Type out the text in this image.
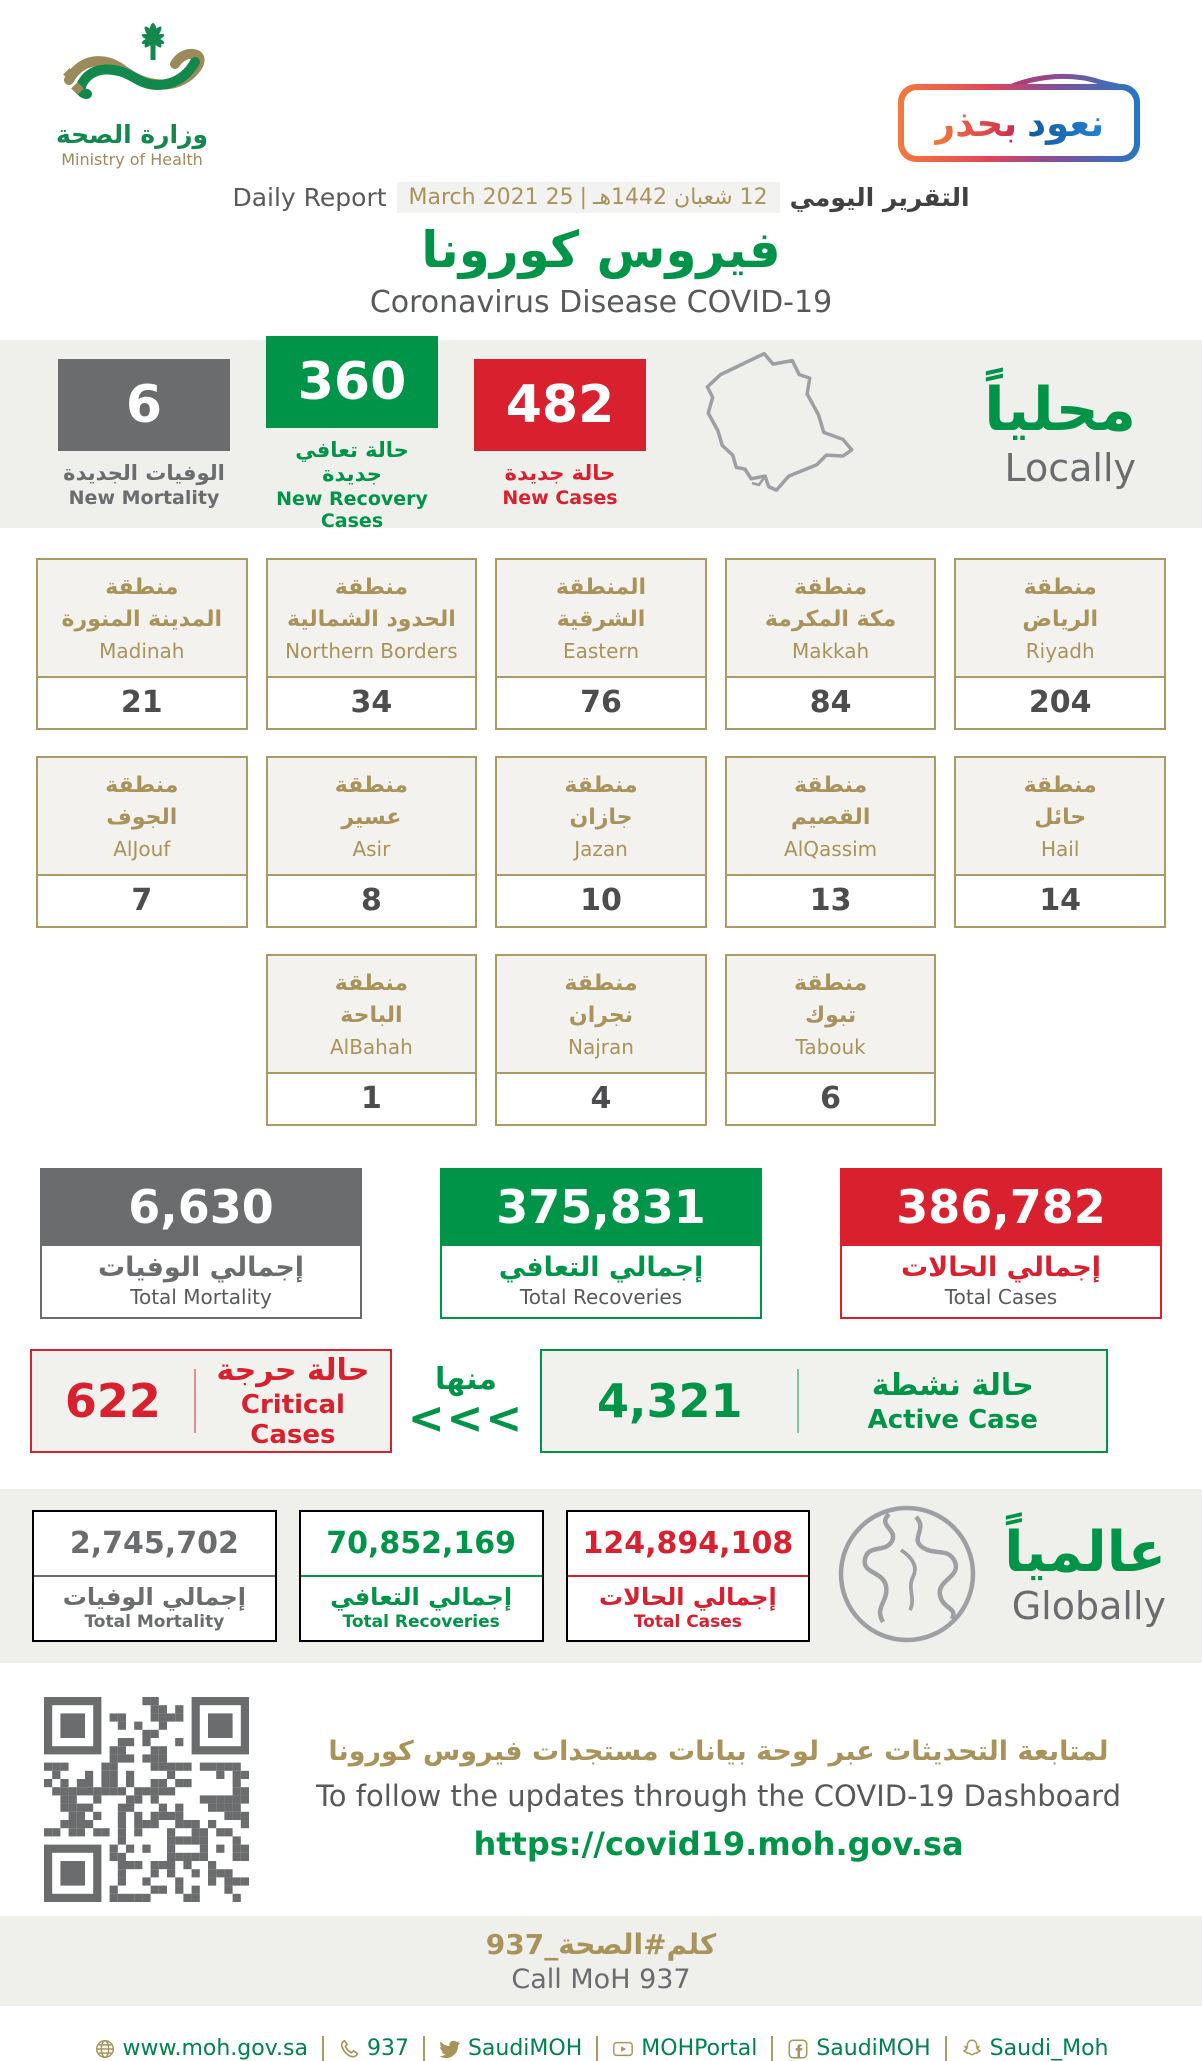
وزارة الصحة
Ministry of Health
نعود
بحذر
Daily Report	12 شعبان 1442هـ
|
25 March 2021	التقرير اليومي
فيروس كورونا
Coronavirus Disease COVID-19
6
الوفيات الجديدة
New Mortality
360
حالة تعافي جديدة
New Recovery Cases
482
حالة جديدة
New Cases
محلياً
Locally
منطقة
المدينة المنورة
Madinah
21
منطقة
الحدود الشمالية
Northern Borders
34
المنطقة
الشرقية
Eastern
76
منطقة
مكة المكرمة
Makkah
84
منطقة
الرياض
Riyadh
204
منطقة
الجوف
AlJouf
7
منطقة
عسير
Asir
8
منطقة
جازان
Jazan
10
منطقة
القصيم
AlQassim
13
منطقة
حائل
Hail
14
منطقة
الباحة
AlBahah
1
منطقة
نجران
Najran
4
منطقة
تبوك
Tabouk
6
6,630
إجمالي الوفيات
Total Mortality
375,831
إجمالي التعافي
Total Recoveries
386,782
إجمالي الحالات
Total Cases
622
حالة حرجة
Critical Cases
منها
<<<	4,321	حالة نشطة
Active Case
2,745,702
إجمالي الوفيات
Total Mortality
70,852,169
إجمالي التعافي
Total Recoveries
124,894,108
إجمالي الحالات
Total Cases
عالمياً
Globally
لمتابعة التحديثات عبر لوحة بيانات مستجدات فيروس كورونا
To follow the updates through the COVID-19 Dashboard
https://covid19.moh.gov.sa
كلم#الصحة_937
Call MoH 937
www.moh.gov.sa	937	SaudiMOH	MOHPortal	SaudiMOH	Saudi_Moh
